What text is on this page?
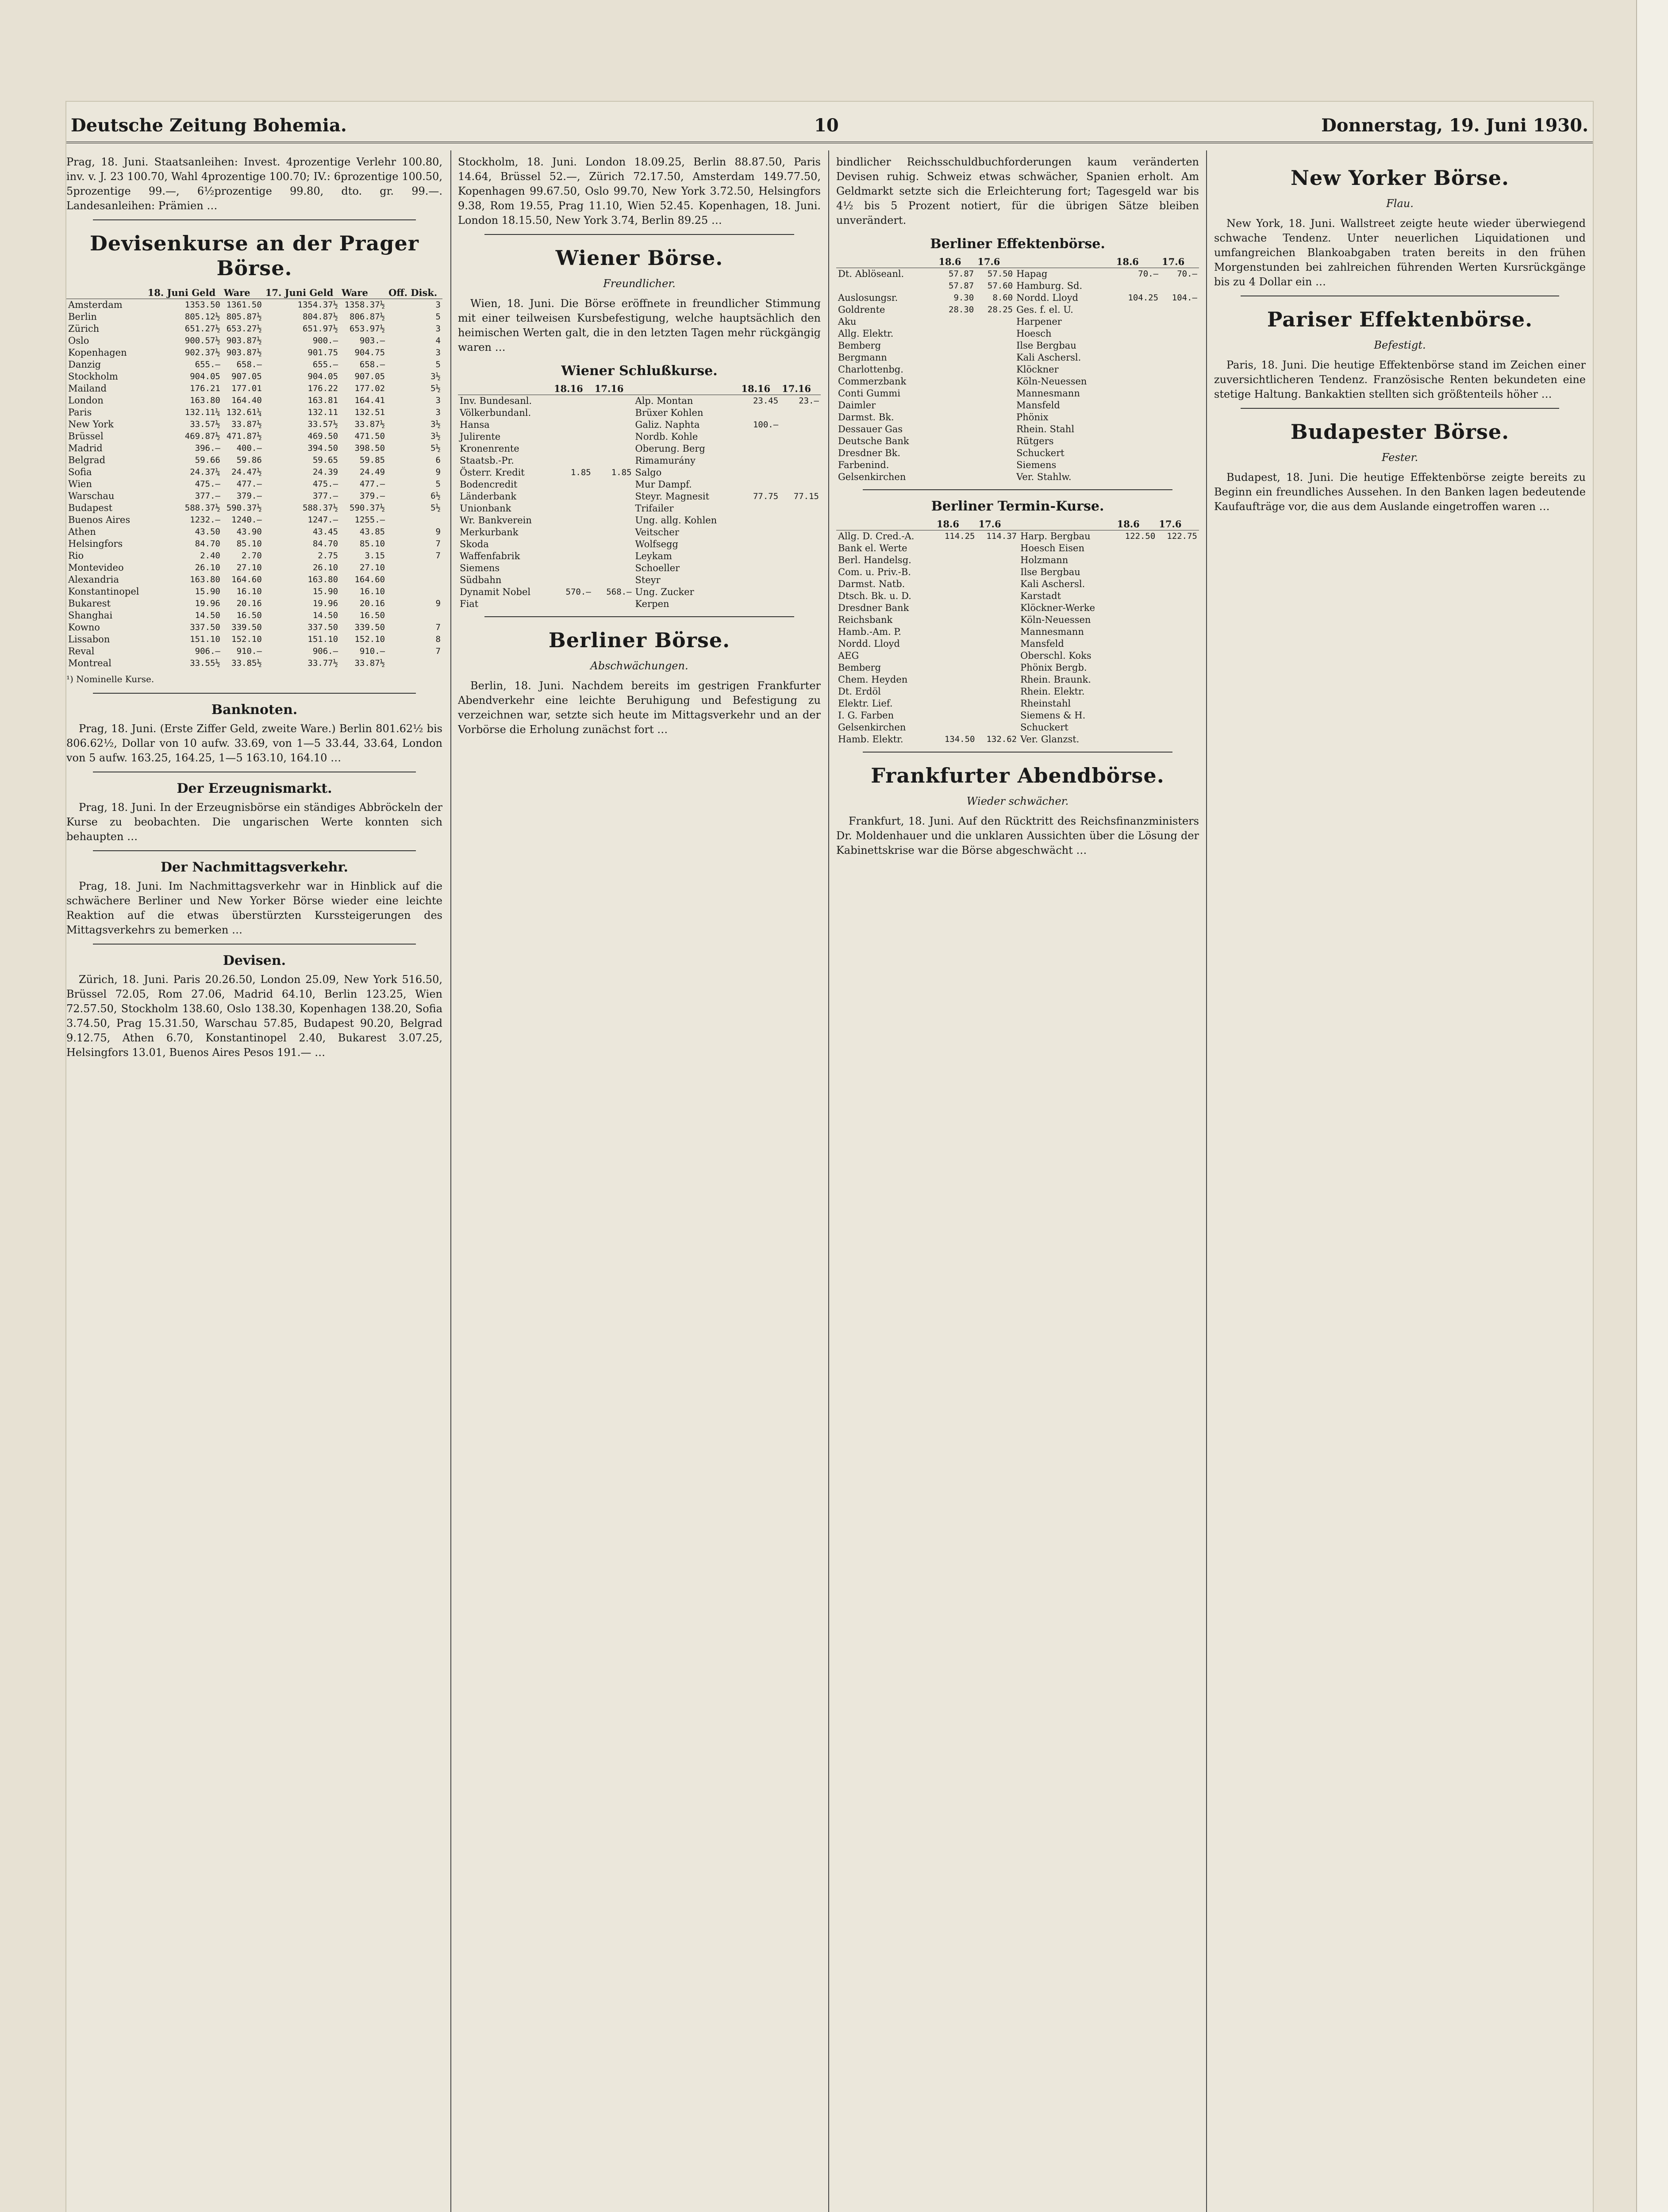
Deutsche Zeitung Bohemia.	10	Donnerstag, 19. Juni 1930.

Prag, 18. Juni. Staatsanleihen: Invest. 4prozentige Verlehr 100.80, inv. v. J. 23 100.70, Wahl 4prozentige 100.70; IV.: 6prozentige 100.50, 5prozentige 99.—, 6½prozentige 99.80, dto. gr. 99.—. Landesanleihen: Prämien …

Devisenkurse an der Prager Börse.
	18. Juni Geld	Ware	17. Juni Geld	Ware	Off. Disk.
Amsterdam	1353.50	1361.50	1354.37½	1358.37½	3
Berlin	805.12½	805.87½	804.87½	806.87½	5
Zürich	651.27½	653.27½	651.97½	653.97½	3
Oslo	900.57½	903.87½	900.—	903.—	4
Kopenhagen	902.37½	903.87½	901.75	904.75	3
Danzig	655.—	658.—	655.—	658.—	5
Stockholm	904.05	907.05	904.05	907.05	3½
Mailand	176.21	177.01	176.22	177.02	5½
London	163.80	164.40	163.81	164.41	3
Paris	132.11¼	132.61¼	132.11	132.51	3
New York	33.57½	33.87½	33.57½	33.87½	3½
Brüssel	469.87½	471.87½	469.50	471.50	3½
Madrid	396.—	400.—	394.50	398.50	5½
Belgrad	59.66	59.86	59.65	59.85	6
Sofia	24.37¼	24.47½	24.39	24.49	9
Wien	475.—	477.—	475.—	477.—	5
Warschau	377.—	379.—	377.—	379.—	6½
Budapest	588.37½	590.37½	588.37½	590.37½	5½
Buenos Aires	1232.—	1240.—	1247.—	1255.—	
Athen	43.50	43.90	43.45	43.85	9
Helsingfors	84.70	85.10	84.70	85.10	7
Rio	2.40	2.70	2.75	3.15	7
Montevideo	26.10	27.10	26.10	27.10	
Alexandria	163.80	164.60	163.80	164.60	
Konstantinopel	15.90	16.10	15.90	16.10	
Bukarest	19.96	20.16	19.96	20.16	9
Shanghai	14.50	16.50	14.50	16.50	
Kowno	337.50	339.50	337.50	339.50	7
Lissabon	151.10	152.10	151.10	152.10	8
Reval	906.—	910.—	906.—	910.—	7
Montreal	33.55½	33.85½	33.77½	33.87½	
¹) Nominelle Kurse.
Banknoten.

Prag, 18. Juni. (Erste Ziffer Geld, zweite Ware.) Berlin 801.62½ bis 806.62½, Dollar von 10 aufw. 33.69, von 1—5 33.44, 33.64, London von 5 aufw. 163.25, 164.25, 1—5 163.10, 164.10 …

Der Erzeugnismarkt.

Prag, 18. Juni. In der Erzeugnisbörse ein ständiges Abbröckeln der Kurse zu beobachten. Die ungarischen Werte konnten sich behaupten …

Der Nachmittagsverkehr.

Prag, 18. Juni. Im Nachmittagsverkehr war in Hinblick auf die schwächere Berliner und New Yorker Börse wieder eine leichte Reaktion auf die etwas überstürzten Kurssteigerungen des Mittagsverkehrs zu bemerken …

Devisen.

Zürich, 18. Juni. Paris 20.26.50, London 25.09, New York 516.50, Brüssel 72.05, Rom 27.06, Madrid 64.10, Berlin 123.25, Wien 72.57.50, Stockholm 138.60, Oslo 138.30, Kopenhagen 138.20, Sofia 3.74.50, Prag 15.31.50, Warschau 57.85, Budapest 90.20, Belgrad 9.12.75, Athen 6.70, Konstantinopel 2.40, Bukarest 3.07.25, Helsingfors 13.01, Buenos Aires Pesos 191.— …

Stockholm, 18. Juni. London 18.09.25, Berlin 88.87.50, Paris 14.64, Brüssel 52.—, Zürich 72.17.50, Amsterdam 149.77.50, Kopenhagen 99.67.50, Oslo 99.70, New York 3.72.50, Helsingfors 9.38, Rom 19.55, Prag 11.10, Wien 52.45. Kopenhagen, 18. Juni. London 18.15.50, New York 3.74, Berlin 89.25 …

Wiener Börse.
Freundlicher.

Wien, 18. Juni. Die Börse eröffnete in freundlicher Stimmung mit einer teilweisen Kursbefestigung, welche hauptsächlich den heimischen Werten galt, die in den letzten Tagen mehr rückgängig waren …

Wiener Schlußkurse.
	18.16	17.16		18.16	17.16
Inv. Bundesanl.			Alp. Montan	23.45	23.—
Völkerbundanl.			Brüxer Kohlen		
Hansa			Galiz. Naphta	100.—	
Julirente			Nordb. Kohle		
Kronenrente			Oberung. Berg		
Staatsb.-Pr.			Rimamurány		
Österr. Kredit	1.85	1.85	Salgo		
Bodencredit			Mur Dampf.		
Länderbank			Steyr. Magnesit	77.75	77.15
Unionbank			Trifailer		
Wr. Bankverein			Ung. allg. Kohlen		
Merkurbank			Veitscher		
Skoda			Wolfsegg		
Waffenfabrik			Leykam		
Siemens			Schoeller		
Südbahn			Steyr		
Dynamit Nobel	570.—	568.—	Ung. Zucker		
Fiat			Kerpen		
Berliner Börse.
Abschwächungen.

Berlin, 18. Juni. Nachdem bereits im gestrigen Frankfurter Abendverkehr eine leichte Beruhigung und Befestigung zu verzeichnen war, setzte sich heute im Mittagsverkehr und an der Vorbörse die Erholung zunächst fort …

bindlicher Reichsschuldbuchforderungen kaum veränderten Devisen ruhig. Schweiz etwas schwächer, Spanien erholt. Am Geldmarkt setzte sich die Erleichterung fort; Tagesgeld war bis 4½ bis 5 Prozent notiert, für die übrigen Sätze bleiben unverändert.

Berliner Effektenbörse.
	18.6	17.6		18.6	17.6
Dt. Ablöseanl.	57.87	57.50	Hapag	70.—	70.—
	57.87	57.60	Hamburg. Sd.		
Auslosungsr.	9.30	8.60	Nordd. Lloyd	104.25	104.—
Goldrente	28.30	28.25	Ges. f. el. U.		
Aku			Harpener		
Allg. Elektr.			Hoesch		
Bemberg			Ilse Bergbau		
Bergmann			Kali Aschersl.		
Charlottenbg.			Klöckner		
Commerzbank			Köln-Neuessen		
Conti Gummi			Mannesmann		
Daimler			Mansfeld		
Darmst. Bk.			Phönix		
Dessauer Gas			Rhein. Stahl		
Deutsche Bank			Rütgers		
Dresdner Bk.			Schuckert		
Farbenind.			Siemens		
Gelsenkirchen			Ver. Stahlw.		
Berliner Termin-Kurse.
	18.6	17.6		18.6	17.6
Allg. D. Cred.-A.	114.25	114.37	Harp. Bergbau	122.50	122.75
Bank el. Werte			Hoesch Eisen		
Berl. Handelsg.			Holzmann		
Com. u. Priv.-B.			Ilse Bergbau		
Darmst. Natb.			Kali Aschersl.		
Dtsch. Bk. u. D.			Karstadt		
Dresdner Bank			Klöckner-Werke		
Reichsbank			Köln-Neuessen		
Hamb.-Am. P.			Mannesmann		
Nordd. Lloyd			Mansfeld		
AEG			Oberschl. Koks		
Bemberg			Phönix Bergb.		
Chem. Heyden			Rhein. Braunk.		
Dt. Erdöl			Rhein. Elektr.		
Elektr. Lief.			Rheinstahl		
I. G. Farben			Siemens & H.		
Gelsenkirchen			Schuckert		
Hamb. Elektr.	134.50	132.62	Ver. Glanzst.		
Frankfurter Abendbörse.
Wieder schwächer.

Frankfurt, 18. Juni. Auf den Rücktritt des Reichsfinanzministers Dr. Moldenhauer und die unklaren Aussichten über die Lösung der Kabinettskrise war die Börse abgeschwächt …

New Yorker Börse.
Flau.

New York, 18. Juni. Wallstreet zeigte heute wieder überwiegend schwache Tendenz. Unter neuerlichen Liquidationen und umfangreichen Blankoabgaben traten bereits in den frühen Morgenstunden bei zahlreichen führenden Werten Kursrückgänge bis zu 4 Dollar ein …

Pariser Effektenbörse.
Befestigt.

Paris, 18. Juni. Die heutige Effektenbörse stand im Zeichen einer zuversichtlicheren Tendenz. Französische Renten bekundeten eine stetige Haltung. Bankaktien stellten sich größtenteils höher …

Budapester Börse.
Fester.

Budapest, 18. Juni. Die heutige Effektenbörse zeigte bereits zu Beginn ein freundliches Aussehen. In den Banken lagen bedeutende Kaufaufträge vor, die aus dem Auslande eingetroffen waren …
